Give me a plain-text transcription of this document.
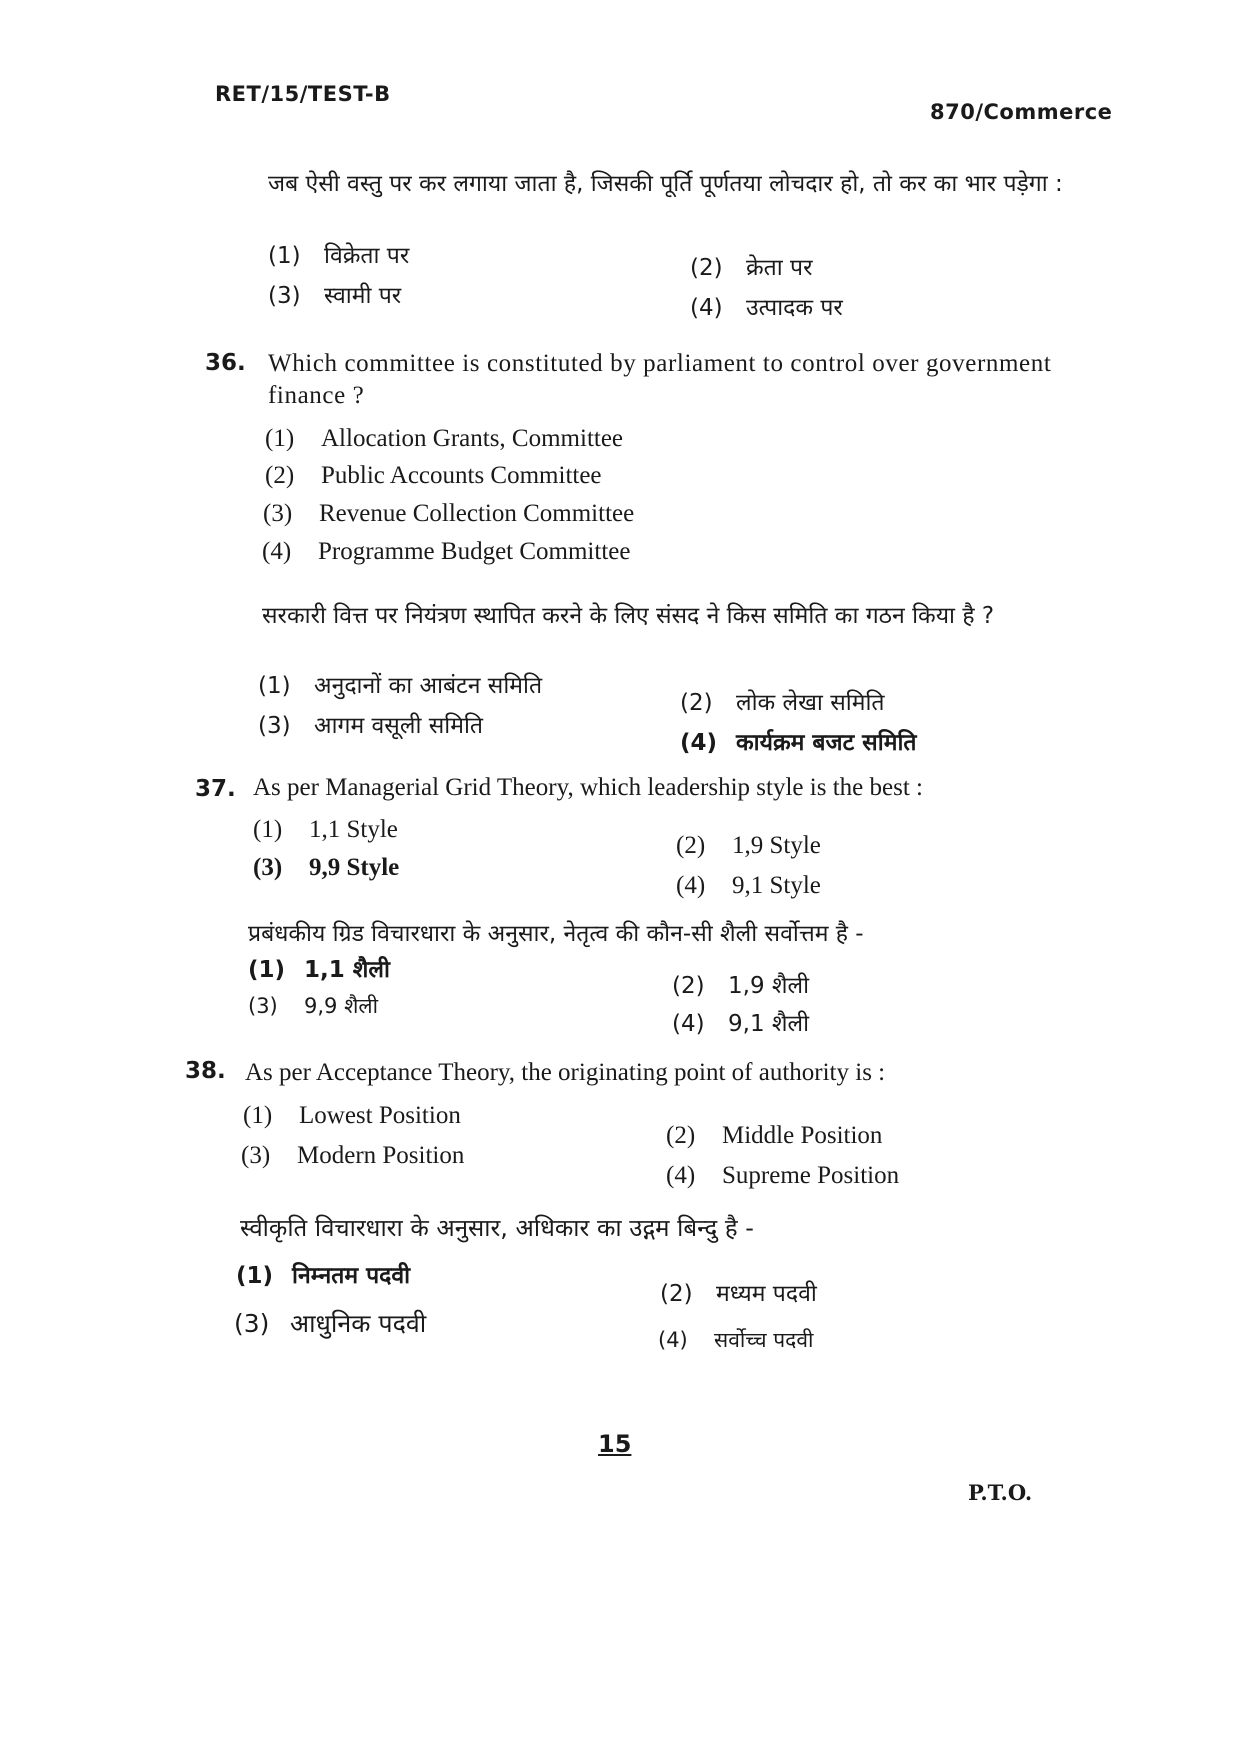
RET/15/TEST-B
870/Commerce
जब ऐसी वस्तु पर कर लगाया जाता है, जिसकी पूर्ति पूर्णतया लोचदार हो, तो कर का भार पड़ेगा :
(1) विक्रेता पर	(2) क्रेता पर
(3) स्वामी पर	(4) उत्पादक पर
36. Which committee is constituted by parliament to control over government finance ?
(1) Allocation Grants, Committee
(2) Public Accounts Committee
(3) Revenue Collection Committee
(4) Programme Budget Committee
सरकारी वित्त पर नियंत्रण स्थापित करने के लिए संसद ने किस समिति का गठन किया है ?
(1) अनुदानों का आबंटन समिति
(2) लोक लेखा समिति
(3) आगम वसूली समिति
(4) कार्यक्रम बजट समिति
37. As per Managerial Grid Theory, which leadership style is the best :
(1) 1,1 Style
(2) 1,9 Style
(3) 9,9 Style
(4) 9,1 Style
प्रबंधकीय ग्रिड विचारधारा के अनुसार, नेतृत्व की कौन-सी शैली सर्वोत्तम है -
(1) 1,1 शैली
(2) 1,9 शैली
(3) 9,9 शैली
(4) 9,1 शैली
38. As per Acceptance Theory, the originating point of authority is :
(1) Lowest Position
(2) Middle Position
(3) Modern Position
(4) Supreme Position
स्वीकृति विचारधारा के अनुसार, अधिकार का उद्गम बिन्दु है -
(1) निम्नतम पदवी
(2) मध्यम पदवी
(3) आधुनिक पदवी
(4) सर्वोच्च पदवी
15
P.T.O.
